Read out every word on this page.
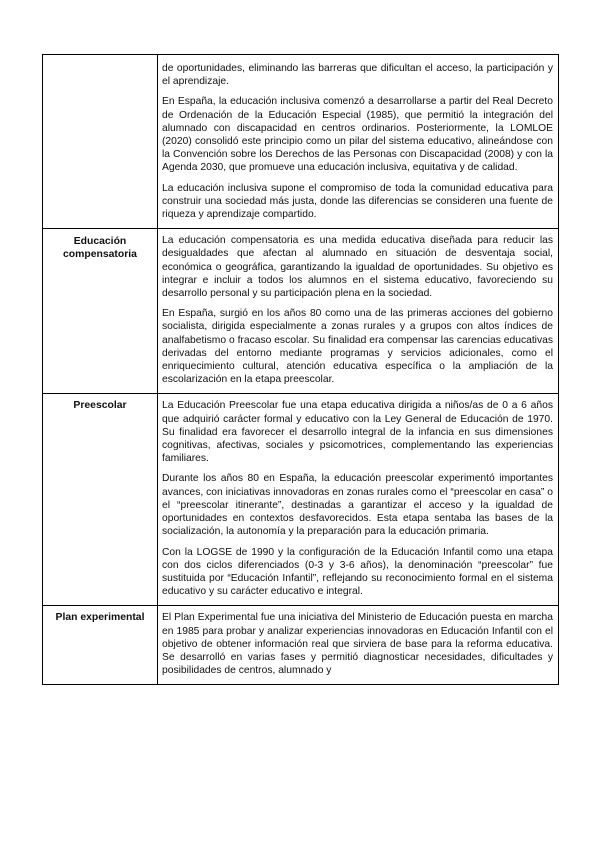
	de oportunidades, eliminando las barreras que dificultan el acceso, la participación y el aprendizaje.

En España, la educación inclusiva comenzó a desarrollarse a partir del Real Decreto de Ordenación de la Educación Especial (1985), que permitió la integración del alumnado con discapacidad en centros ordinarios. Posteriormente, la LOMLOE (2020) consolidó este principio como un pilar del sistema educativo, alineándose con la Convención sobre los Derechos de las Personas con Discapacidad (2008) y con la Agenda 2030, que promueve una educación inclusiva, equitativa y de calidad.

La educación inclusiva supone el compromiso de toda la comunidad educativa para construir una sociedad más justa, donde las diferencias se consideren una fuente de riqueza y aprendizaje compartido.

Educación compensatoria	La educación compensatoria es una medida educativa diseñada para reducir las desigualdades que afectan al alumnado en situación de desventaja social, económica o geográfica, garantizando la igualdad de oportunidades. Su objetivo es integrar e incluir a todos los alumnos en el sistema educativo, favoreciendo su desarrollo personal y su participación plena en la sociedad.

En España, surgió en los años 80 como una de las primeras acciones del gobierno socialista, dirigida especialmente a zonas rurales y a grupos con altos índices de analfabetismo o fracaso escolar. Su finalidad era compensar las carencias educativas derivadas del entorno mediante programas y servicios adicionales, como el enriquecimiento cultural, atención educativa específica o la ampliación de la escolarización en la etapa preescolar.

Preescolar	La Educación Preescolar fue una etapa educativa dirigida a niños/as de 0 a 6 años que adquirió carácter formal y educativo con la Ley General de Educación de 1970. Su finalidad era favorecer el desarrollo integral de la infancia en sus dimensiones cognitivas, afectivas, sociales y psicomotrices, complementando las experiencias familiares.

Durante los años 80 en España, la educación preescolar experimentó importantes avances, con iniciativas innovadoras en zonas rurales como el “preescolar en casa” o el “preescolar itinerante”, destinadas a garantizar el acceso y la igualdad de oportunidades en contextos desfavorecidos. Esta etapa sentaba las bases de la socialización, la autonomía y la preparación para la educación primaria.

Con la LOGSE de 1990 y la configuración de la Educación Infantil como una etapa con dos ciclos diferenciados (0-3 y 3-6 años), la denominación “preescolar” fue sustituida por “Educación Infantil”, reflejando su reconocimiento formal en el sistema educativo y su carácter educativo e integral.

Plan experimental	El Plan Experimental fue una iniciativa del Ministerio de Educación puesta en marcha en 1985 para probar y analizar experiencias innovadoras en Educación Infantil con el objetivo de obtener información real que sirviera de base para la reforma educativa. Se desarrolló en varias fases y permitió diagnosticar necesidades, dificultades y posibilidades de centros, alumnado y
